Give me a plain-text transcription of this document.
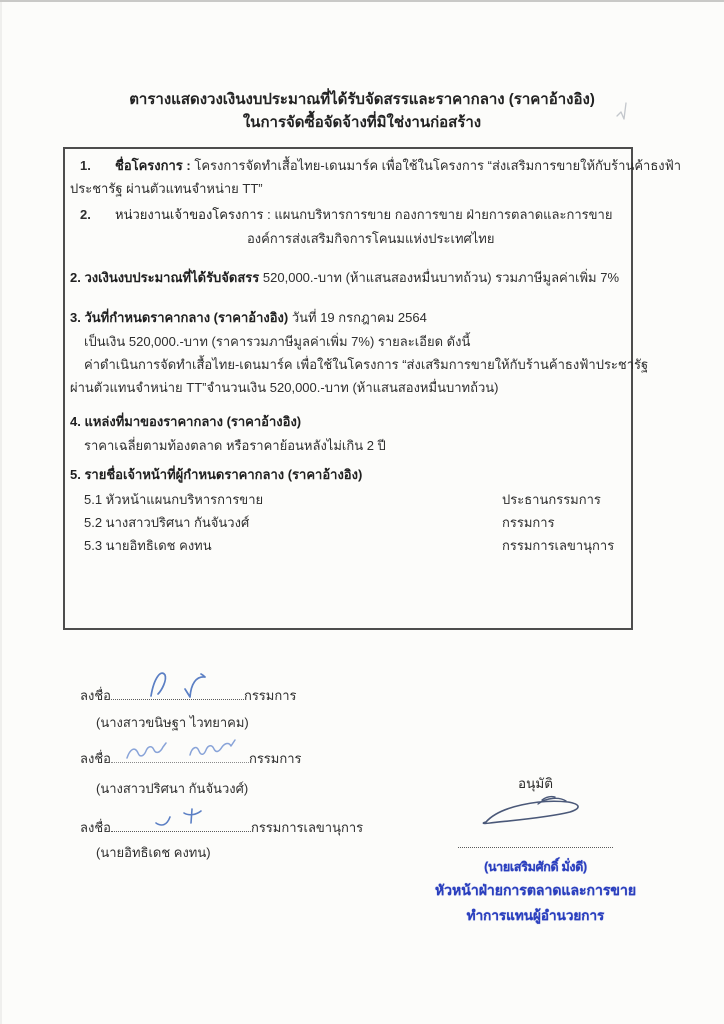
ตารางแสดงวงเงินงบประมาณที่ได้รับจัดสรรและราคากลาง (ราคาอ้างอิง)
ในการจัดซื้อจัดจ้างที่มิใช่งานก่อสร้าง
1. ชื่อโครงการ : โครงการจัดทำเสื้อไทย-เดนมาร์ค เพื่อใช้ในโครงการ “ส่งเสริมการขายให้กับร้านค้าธงฟ้า
ประชารัฐ ผ่านตัวแทนจำหน่าย TT”
2. หน่วยงานเจ้าของโครงการ : แผนกบริหารการขาย กองการขาย ฝ่ายการตลาดและการขาย
องค์การส่งเสริมกิจการโคนมแห่งประเทศไทย
2. วงเงินงบประมาณที่ได้รับจัดสรร 520,000.-บาท (ห้าแสนสองหมื่นบาทถ้วน) รวมภาษีมูลค่าเพิ่ม 7%
3. วันที่กำหนดราคากลาง (ราคาอ้างอิง) วันที่ 19 กรกฎาคม 2564
เป็นเงิน 520,000.-บาท (ราคารวมภาษีมูลค่าเพิ่ม 7%) รายละเอียด ดังนี้
ค่าดำเนินการจัดทำเสื้อไทย-เดนมาร์ค เพื่อใช้ในโครงการ “ส่งเสริมการขายให้กับร้านค้าธงฟ้าประชารัฐ
ผ่านตัวแทนจำหน่าย TT”จำนวนเงิน 520,000.-บาท (ห้าแสนสองหมื่นบาทถ้วน)
4. แหล่งที่มาของราคากลาง (ราคาอ้างอิง)
ราคาเฉลี่ยตามท้องตลาด หรือราคาย้อนหลังไม่เกิน 2 ปี
5. รายชื่อเจ้าหน้าที่ผู้กำหนดราคากลาง (ราคาอ้างอิง)
5.1 หัวหน้าแผนกบริหารการขาย	ประธานกรรมการ
5.2 นางสาวปริศนา กันจันวงศ์	กรรมการ
5.3 นายอิทธิเดช คงทน	กรรมการเลขานุการ
ลงชื่อ	กรรมการ
(นางสาวขนิษฐา ไวทยาคม)
ลงชื่อ	กรรมการ
(นางสาวปริศนา กันจันวงศ์)
ลงชื่อ	กรรมการเลขานุการ
(นายอิทธิเดช คงทน)
อนุมัติ
(นายเสริมศักดิ์ มั่งดี)
หัวหน้าฝ่ายการตลาดและการขาย
ทำการแทนผู้อำนวยการ
